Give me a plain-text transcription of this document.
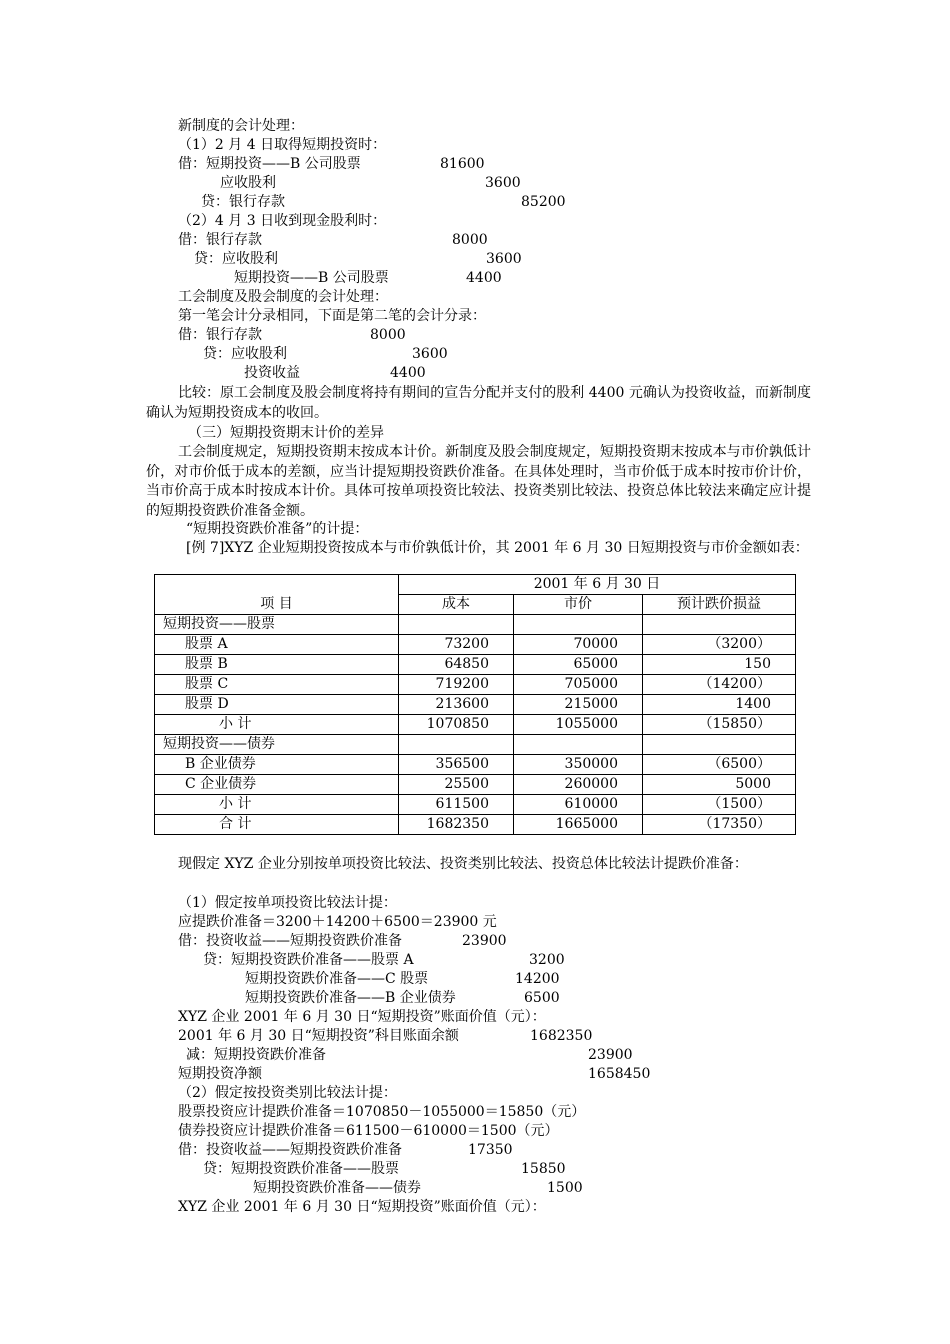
新制度的会计处理：
（1）2 月 4 日取得短期投资时：
借：短期投资——B 公司股票	81600
应收股利	3600
贷：银行存款	85200
（2）4 月 3 日收到现金股利时：
借：银行存款	8000
贷：应收股利	3600
短期投资——B 公司股票	4400
工会制度及股会制度的会计处理：
第一笔会计分录相同，下面是第二笔的会计分录：
借：银行存款	8000
贷：应收股利	3600
投资收益	4400
比较：原工会制度及股会制度将持有期间的宣告分配并支付的股利 4400 元确认为投资收益，而新制度确认为短期投资成本的收回。
（三）短期投资期末计价的差异
工会制度规定，短期投资期末按成本计价。新制度及股会制度规定，短期投资期末按成本与市价孰低计价，对市价低于成本的差额，应当计提短期投资跌价准备。在具体处理时，当市价低于成本时按市价计价，当市价高于成本时按成本计价。具体可按单项投资比较法、投资类别比较法、投资总体比较法来确定应计提的短期投资跌价准备金额。
“短期投资跌价准备”的计提：
[例 7]XYZ 企业短期投资按成本与市价孰低计价，其 2001 年 6 月 30 日短期投资与市价金额如表：
项 目	2001 年 6 月 30 日		
	成本	市价	预计跌价损益
短期投资——股票			
股票 A	73200	70000	（3200）
股票 B	64850	65000	150
股票 C	719200	705000	（14200）
股票 D	213600	215000	1400
小 计	1070850	1055000	（15850）
短期投资——债券			
B 企业债券	356500	350000	（6500）
C 企业债券	25500	260000	5000
小 计	611500	610000	（1500）
合 计	1682350	1665000	（17350）
现假定 XYZ 企业分别按单项投资比较法、投资类别比较法、投资总体比较法计提跌价准备：
（1）假定按单项投资比较法计提：
应提跌价准备＝3200＋14200＋6500＝23900 元
借：投资收益——短期投资跌价准备	23900
贷：短期投资跌价准备——股票 A	3200
短期投资跌价准备——C 股票	14200
短期投资跌价准备——B 企业债券	6500
XYZ 企业 2001 年 6 月 30 日“短期投资”账面价值（元）：
2001 年 6 月 30 日“短期投资”科目账面余额	1682350
减：短期投资跌价准备	23900
短期投资净额	1658450
（2）假定按投资类别比较法计提：
股票投资应计提跌价准备＝1070850－1055000＝15850（元）
债券投资应计提跌价准备＝611500－610000＝1500（元）
借：投资收益——短期投资跌价准备	17350
贷：短期投资跌价准备——股票	15850
短期投资跌价准备——债券	1500
XYZ 企业 2001 年 6 月 30 日“短期投资”账面价值（元）：
